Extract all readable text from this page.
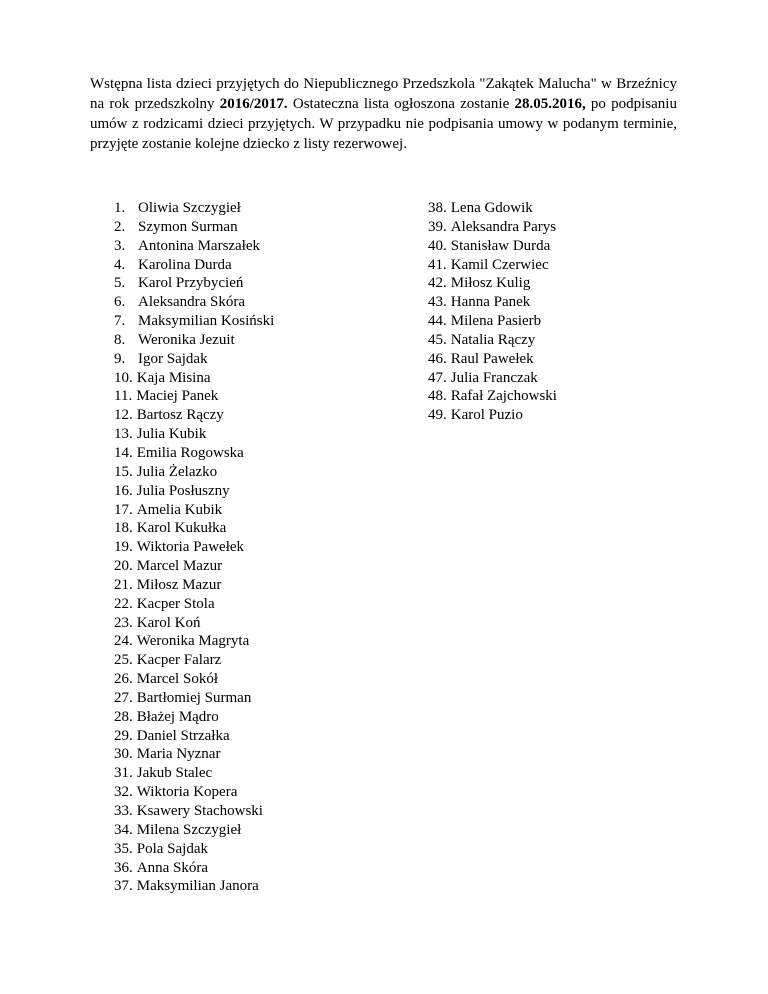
Wstępna lista dzieci przyjętych do Niepublicznego Przedszkola "Zakątek Malucha" w Brzeźnicy na rok przedszkolny 2016/2017. Ostateczna lista ogłoszona zostanie 28.05.2016, po podpisaniu umów z rodzicami dzieci przyjętych. W przypadku nie podpisania umowy w podanym terminie, przyjęte zostanie kolejne dziecko z listy rezerwowej.

1. Oliwia Szczygieł
2. Szymon Surman
3. Antonina Marszałek
4. Karolina Durda
5. Karol Przybycień
6. Aleksandra Skóra
7. Maksymilian Kosiński
8. Weronika Jezuit
9. Igor Sajdak
10. Kaja Misina
11. Maciej Panek
12. Bartosz Rączy
13. Julia Kubik
14. Emilia Rogowska
15. Julia Żelazko
16. Julia Posłuszny
17. Amelia Kubik
18. Karol Kukułka
19. Wiktoria Pawełek
20. Marcel Mazur
21. Miłosz Mazur
22. Kacper Stola
23. Karol Koń
24. Weronika Magryta
25. Kacper Falarz
26. Marcel Sokół
27. Bartłomiej Surman
28. Błażej Mądro
29. Daniel Strzałka
30. Maria Nyznar
31. Jakub Stalec
32. Wiktoria Kopera
33. Ksawery Stachowski
34. Milena Szczygieł
35. Pola Sajdak
36. Anna Skóra
37. Maksymilian Janora
38. Lena Gdowik
39. Aleksandra Parys
40. Stanisław Durda
41. Kamil Czerwiec
42. Miłosz Kulig
43. Hanna Panek
44. Milena Pasierb
45. Natalia Rączy
46. Raul Pawełek
47. Julia Franczak
48. Rafał Zajchowski
49. Karol Puzio
